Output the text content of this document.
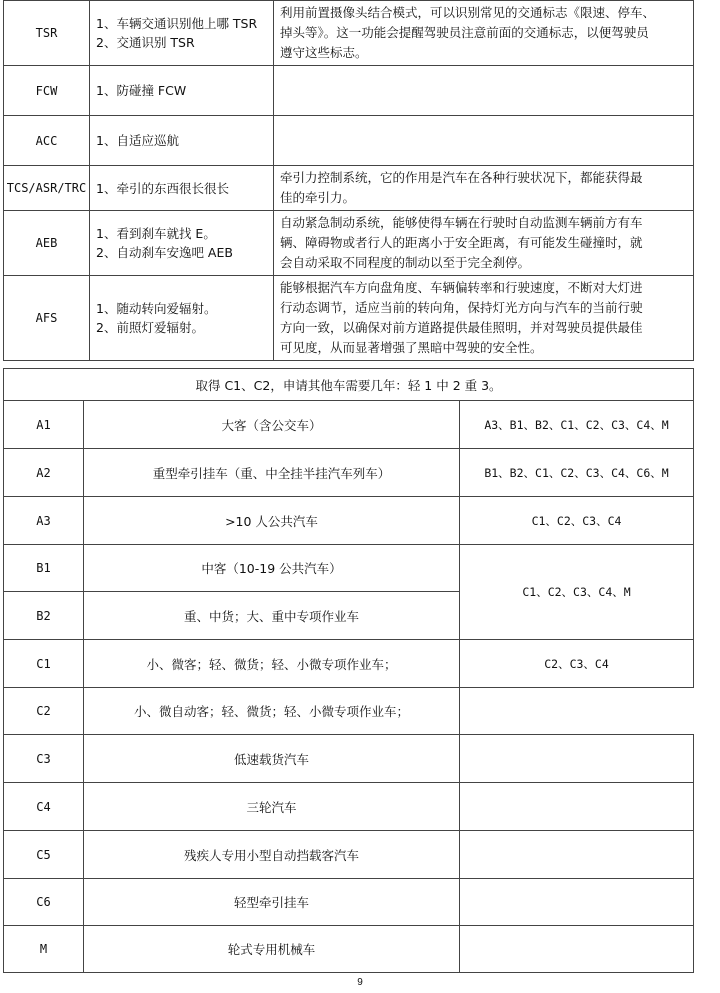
TSR	1、车辆交通识别他上哪 TSR
2、交通识别 TSR	利用前置摄像头结合模式，可以识别常见的交通标志《限速、停车、
掉头等》。这一功能会提醒驾驶员注意前面的交通标志，以便驾驶员
遵守这些标志。

FCW	1、防碰撞 FCW	

ACC	1、自适应巡航	

TCS/ASR/TRC	1、牵引的东西很长很长	牵引力控制系统，它的作用是汽车在各种行驶状况下，都能获得最
佳的牵引力。

AEB	1、看到刹车就找 E。
2、自动刹车安逸吧 AEB	自动紧急制动系统，能够使得车辆在行驶时自动监测车辆前方有车
辆、障碍物或者行人的距离小于安全距离，有可能发生碰撞时，就
会自动采取不同程度的制动以至于完全刹停。

AFS	1、随动转向爱辐射。
2、前照灯爱辐射。	能够根据汽车方向盘角度、车辆偏转率和行驶速度，不断对大灯进
行动态调节，适应当前的转向角，保持灯光方向与汽车的当前行驶
方向一致，以确保对前方道路提供最佳照明，并对驾驶员提供最佳
可见度，从而显著增强了黑暗中驾驶的安全性。
取得 C1、C2，申请其他车需要几年：轻 1 中 2 重 3。		
A1	大客（含公交车）	A3、B1、B2、C1、C2、C3、C4、M
A2	重型牵引挂车（重、中全挂半挂汽车列车）	B1、B2、C1、C2、C3、C4、C6、M
A3	>10 人公共汽车	C1、C2、C3、C4
B1	中客（10-19 公共汽车）	C1、C2、C3、C4、M
B2	重、中货；大、重中专项作业车	
C1	小、微客；轻、微货；轻、小微专项作业车；	C2、C3、C4
C2	小、微自动客；轻、微货；轻、小微专项作业车；	
C3	低速载货汽车	
C4	三轮汽车	
C5	残疾人专用小型自动挡载客汽车	
C6	轻型牵引挂车	
M	轮式专用机械车	
9
